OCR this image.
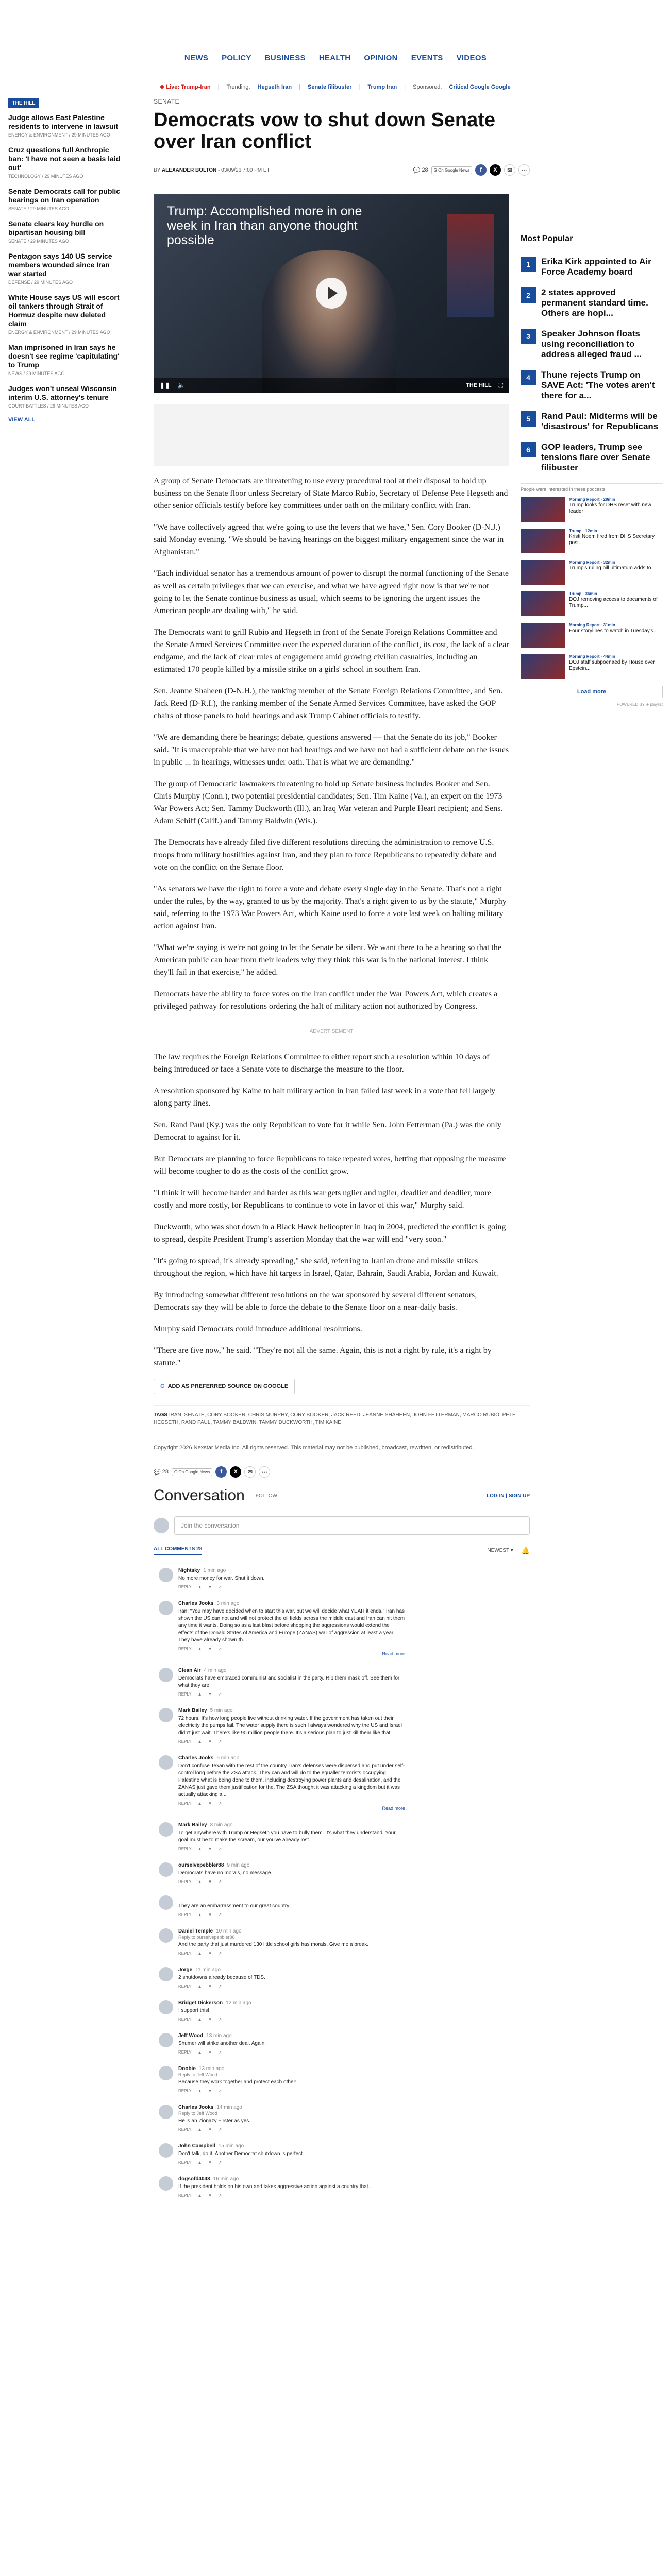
NEWS POLICY BUSINESS HEALTH OPINION EVENTS VIDEOS
Live: Trump-Iran | Trending: Hegseth Iran | Senate filibuster | Trump Iran | Sponsored: Critical Google Google
THE HILL
Judge allows East Palestine residents to intervene in lawsuit
ENERGY & ENVIRONMENT / 29 MINUTES AGO
Cruz questions full Anthropic ban: 'I have not seen a basis laid out'
TECHNOLOGY / 29 MINUTES AGO
Senate Democrats call for public hearings on Iran operation
SENATE / 29 MINUTES AGO
Senate clears key hurdle on bipartisan housing bill
SENATE / 29 MINUTES AGO
Pentagon says 140 US service members wounded since Iran war started
DEFENSE / 29 MINUTES AGO
White House says US will escort oil tankers through Strait of Hormuz despite new deleted claim
ENERGY & ENVIRONMENT / 29 MINUTES AGO
Man imprisoned in Iran says he doesn't see regime 'capitulating' to Trump
NEWS / 29 MINUTES AGO
Judges won't unseal Wisconsin interim U.S. attorney's tenure
COURT BATTLES / 29 MINUTES AGO
VIEW ALL
SENATE
Democrats vow to shut down Senate over Iran conflict
BY ALEXANDER BOLTON - 03/09/26 7:00 PM ET	💬 28	G On Google News	f	X	✉	⋯
Trump: Accomplished more in one week in Iran than anyone thought possible
❚❚ 🔈	THE HILL ⛶

A group of Senate Democrats are threatening to use every procedural tool at their disposal to hold up business on the Senate floor unless Secretary of State Marco Rubio, Secretary of Defense Pete Hegseth and other senior officials testify before key committees under oath on the military conflict with Iran.

"We have collectively agreed that we're going to use the levers that we have," Sen. Cory Booker (D-N.J.) said Monday evening. "We should be having hearings on the biggest military engagement since the war in Afghanistan."

"Each individual senator has a tremendous amount of power to disrupt the normal functioning of the Senate as well as certain privileges that we can exercise, and what we have agreed right now is that we're not going to let the Senate continue business as usual, which seems to be ignoring the urgent issues the American people are dealing with," he said.

The Democrats want to grill Rubio and Hegseth in front of the Senate Foreign Relations Committee and the Senate Armed Services Committee over the expected duration of the conflict, its cost, the lack of a clear endgame, and the lack of clear rules of engagement amid growing civilian casualties, including an estimated 170 people killed by a missile strike on a girls' school in southern Iran.

Sen. Jeanne Shaheen (D-N.H.), the ranking member of the Senate Foreign Relations Committee, and Sen. Jack Reed (D-R.I.), the ranking member of the Senate Armed Services Committee, have asked the GOP chairs of those panels to hold hearings and ask Trump Cabinet officials to testify.

"We are demanding there be hearings; debate, questions answered — that the Senate do its job," Booker said. "It is unacceptable that we have not had hearings and we have not had a sufficient debate on the issues in public ... in hearings, witnesses under oath. That is what we are demanding."

The group of Democratic lawmakers threatening to hold up Senate business includes Booker and Sen. Chris Murphy (Conn.), two potential presidential candidates; Sen. Tim Kaine (Va.), an expert on the 1973 War Powers Act; Sen. Tammy Duckworth (Ill.), an Iraq War veteran and Purple Heart recipient; and Sens. Adam Schiff (Calif.) and Tammy Baldwin (Wis.).

The Democrats have already filed five different resolutions directing the administration to remove U.S. troops from military hostilities against Iran, and they plan to force Republicans to repeatedly debate and vote on the conflict on the Senate floor.

"As senators we have the right to force a vote and debate every single day in the Senate. That's not a right under the rules, by the way, granted to us by the majority. That's a right given to us by the statute," Murphy said, referring to the 1973 War Powers Act, which Kaine used to force a vote last week on halting military action against Iran.

"What we're saying is we're not going to let the Senate be silent. We want there to be a hearing so that the American public can hear from their leaders why they think this war is in the national interest. I think they'll fail in that exercise," he added.

Democrats have the ability to force votes on the Iran conflict under the War Powers Act, which creates a privileged pathway for resolutions ordering the halt of military action not authorized by Congress.

ADVERTISEMENT

The law requires the Foreign Relations Committee to either report such a resolution within 10 days of being introduced or face a Senate vote to discharge the measure to the floor.

A resolution sponsored by Kaine to halt military action in Iran failed last week in a vote that fell largely along party lines.

Sen. Rand Paul (Ky.) was the only Republican to vote for it while Sen. John Fetterman (Pa.) was the only Democrat to against for it.

But Democrats are planning to force Republicans to take repeated votes, betting that opposing the measure will become tougher to do as the costs of the conflict grow.

"I think it will become harder and harder as this war gets uglier and uglier, deadlier and deadlier, more costly and more costly, for Republicans to continue to vote in favor of this war," Murphy said.

Duckworth, who was shot down in a Black Hawk helicopter in Iraq in 2004, predicted the conflict is going to spread, despite President Trump's assertion Monday that the war will end "very soon."

"It's going to spread, it's already spreading," she said, referring to Iranian drone and missile strikes throughout the region, which have hit targets in Israel, Qatar, Bahrain, Saudi Arabia, Jordan and Kuwait.

By introducing somewhat different resolutions on the war sponsored by several different senators, Democrats say they will be able to force the debate to the Senate floor on a near-daily basis.

Murphy said Democrats could introduce additional resolutions.

"There are five now," he said. "They're not all the same. Again, this is not a right by rule, it's a right by statute."

G ADD AS PREFERRED SOURCE ON GOOGLE
TAGS IRAN, SENATE, CORY BOOKER, CHRIS MURPHY, CORY BOOKER, JACK REED, JEANNE SHAHEEN, JOHN FETTERMAN, MARCO RUBIO, PETE HEGSETH, RAND PAUL, TAMMY BALDWIN, TAMMY DUCKWORTH, TIM KAINE
Copyright 2026 Nexstar Media Inc. All rights reserved. This material may not be published, broadcast, rewritten, or redistributed.
💬 28	G On Google News	f	X	✉	⋯
Conversation	FOLLOW	LOG IN | SIGN UP
Join the conversation
ALL COMMENTS 28	NEWEST ▾ 🔔
Nightsky 1 min ago
No more money for war. Shut it down.
REPLY ▲ ▼ ↗
Charles Jooks 3 min ago
Iran: "You may have decided when to start this war, but we will decide what YEAR it ends." Iran has shown the US can not and will not protect the oil fields across the middle east and Iran can hit them any time it wants. Doing so as a last blast before shopping the aggressions would extend the effects of the Donald States of America and Europe (ZANAS) war of aggression at least a year. They have already shown th...
REPLY ▲ ▼ ↗
Read more
Clean Air 4 min ago
Democrats have embraced communist and socialist in the party. Rip them mask off. See them for what they are.
REPLY ▲ ▼ ↗
Mark Bailey 5 min ago
72 hours. It's how long people live without drinking water. If the government has taken out their electricity the pumps fail. The water supply there is such I always wondered why the US and Israel didn't just wait. There's like 90 million people there. It's a serious plan to just kill them like that.
REPLY ▲ ▼ ↗
Charles Jooks 6 min ago
Don't confuse Texan with the rest of the country. Iran's defenses were dispersed and put under self-control long before the ZSA attack. They can and will do to the equaller terrorists occupying Palestine what is being done to them, including destroying power plants and desalination, and the ZANAS just gave them justification for the. The ZSA thought it was attacking a kingdom but it was actually attacking a...
REPLY ▲ ▼ ↗
Read more
Mark Bailey 8 min ago
To get anywhere with Trump or Hegseth you have to bully them. It's what they understand. Your goal must be to make the scream, our you've already lost.
REPLY ▲ ▼ ↗
ourselvepebbler88 9 min ago
Democrats have no morals, no message.
REPLY ▲ ▼ ↗
They are an embarrassment to our great country.
REPLY ▲ ▼ ↗
Daniel Temple 10 min ago
Reply to ourselvepebbler88
And the party that just murdered 130 little school girls has morals. Give me a break.
REPLY ▲ ▼ ↗
Jorge 11 min ago
2 shutdowns already because of TDS.
REPLY ▲ ▼ ↗
Bridget Dickerson 12 min ago
I support this!
REPLY ▲ ▼ ↗
Jeff Wood 13 min ago
Shumer will strike another deal. Again.
REPLY ▲ ▼ ↗
Doobie 13 min ago
Reply to Jeff Wood
Because they work together and protect each other!
REPLY ▲ ▼ ↗
Charles Jooks 14 min ago
Reply to Jeff Wood
He is an Zionazy Firster as yes.
REPLY ▲ ▼ ↗
John Campbell 15 min ago
Don't talk, do it. Another Democrat shutdown is perfect.
REPLY ▲ ▼ ↗
dogsofd4043 16 min ago
If the president holds on his own and takes aggressive action against a country that...
REPLY ▲ ▼ ↗
Most Popular
1	Erika Kirk appointed to Air Force Academy board
2	2 states approved permanent standard time. Others are hopi...
3	Speaker Johnson floats using reconciliation to address alleged fraud ...
4	Thune rejects Trump on SAVE Act: 'The votes aren't there for a...
5	Rand Paul: Midterms will be 'disastrous' for Republicans
6	GOP leaders, Trump see tensions flare over Senate filibuster
People were interested in these podcasts
Morning Report · 29min
Trump looks for DHS reset with new leader
Trump · 12min
Kristi Noem fired from DHS Secretary post...
Morning Report · 32min
Trump's ruling bill ultimatum adds to...
Trump · 36min
DOJ removing access to documents of Trump...
Morning Report · 31min
Four storylines to watch in Tuesday's...
Morning Report · 44min
DOJ staff subpoenaed by House over Epstein...
Load more
POWERED BY ◈ playlist
